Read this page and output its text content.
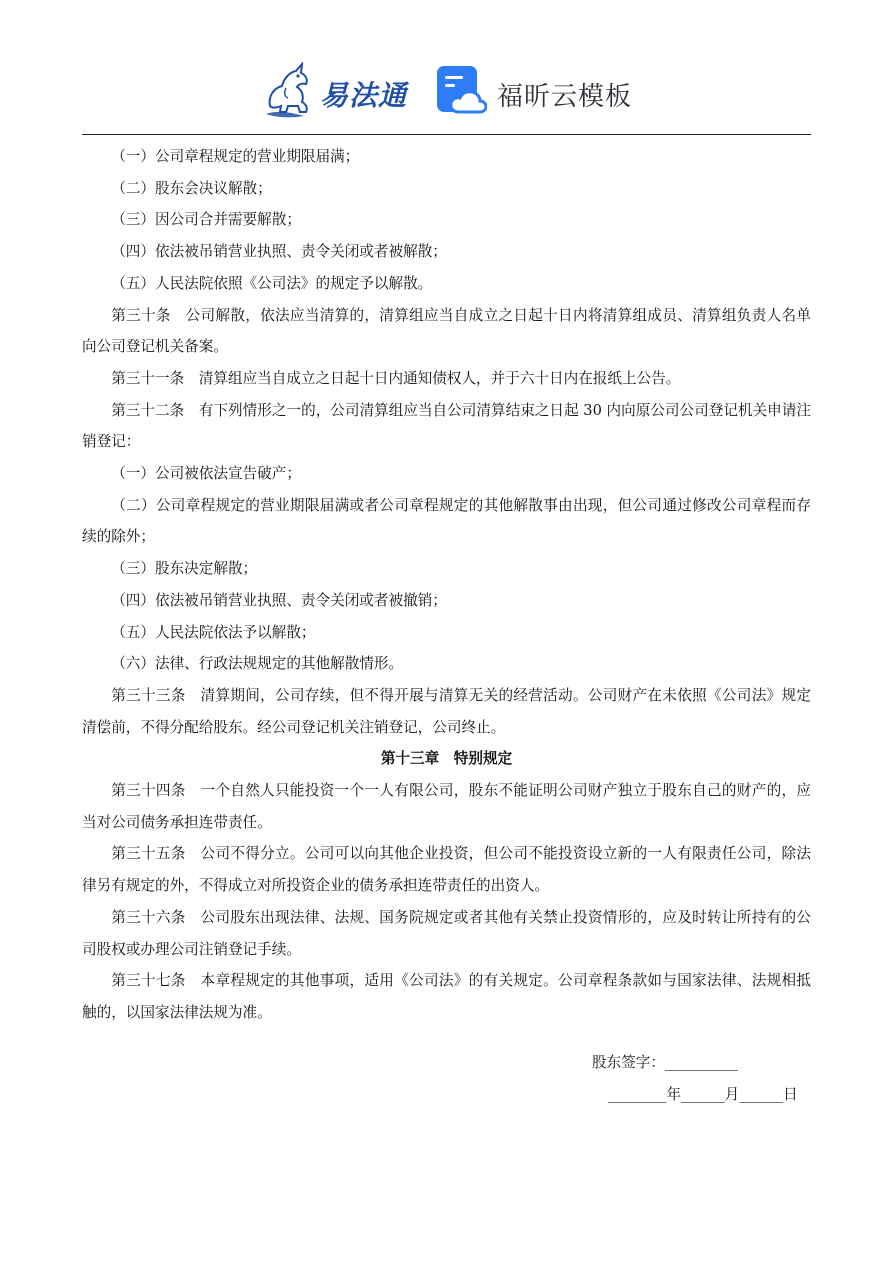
易法通	福昕云模板

（一）公司章程规定的营业期限届满；

（二）股东会决议解散；

（三）因公司合并需要解散；

（四）依法被吊销营业执照、责令关闭或者被解散；

（五）人民法院依照《公司法》的规定予以解散。

第三十条　公司解散，依法应当清算的，清算组应当自成立之日起十日内将清算组成员、清算组负责人名单向公司登记机关备案。

第三十一条　清算组应当自成立之日起十日内通知债权人，并于六十日内在报纸上公告。

第三十二条　有下列情形之一的，公司清算组应当自公司清算结束之日起 30 内向原公司公司登记机关申请注销登记：

（一）公司被依法宣告破产；

（二）公司章程规定的营业期限届满或者公司章程规定的其他解散事由出现，但公司通过修改公司章程而存续的除外；

（三）股东决定解散；

（四）依法被吊销营业执照、责令关闭或者被撤销；

（五）人民法院依法予以解散；

（六）法律、行政法规规定的其他解散情形。

第三十三条　清算期间，公司存续，但不得开展与清算无关的经营活动。公司财产在未依照《公司法》规定清偿前，不得分配给股东。经公司登记机关注销登记，公司终止。

第十三章　特别规定

第三十四条　一个自然人只能投资一个一人有限公司，股东不能证明公司财产独立于股东自己的财产的，应当对公司债务承担连带责任。

第三十五条　公司不得分立。公司可以向其他企业投资，但公司不能投资设立新的一人有限责任公司，除法律另有规定的外，不得成立对所投资企业的债务承担连带责任的出资人。

第三十六条　公司股东出现法律、法规、国务院规定或者其他有关禁止投资情形的，应及时转让所持有的公司股权或办理公司注销登记手续。

第三十七条　本章程规定的其他事项，适用《公司法》的有关规定。公司章程条款如与国家法律、法规相抵触的，以国家法律法规为准。

股东签字：__________
________年______月______日
